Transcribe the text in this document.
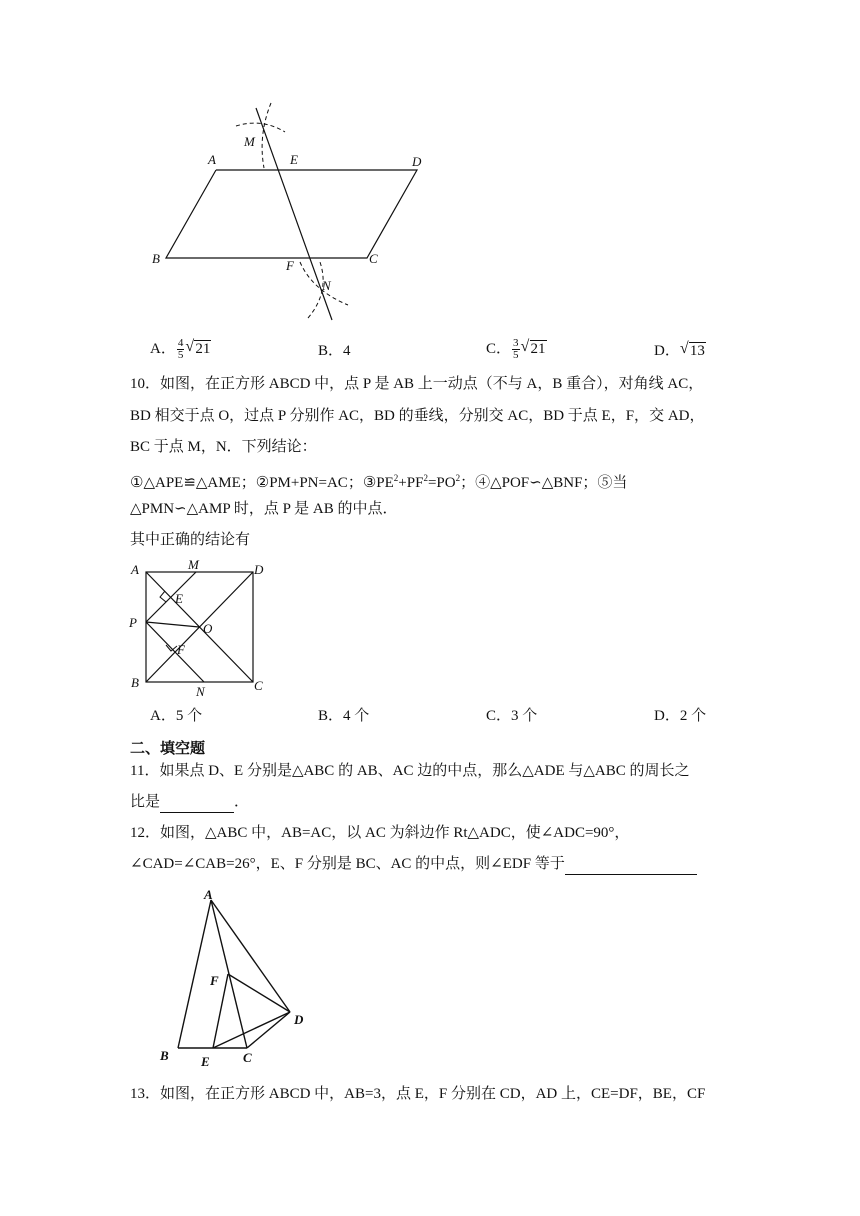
M
A	E	D
B	F	C
N
A． $\frac{4}{5}$ √ 21	B．4	C． $\frac{3}{5}$ √ 21	D． √ 13
10．如图，在正方形 ABCD 中，点 P 是 AB 上一动点（不与 A，B 重合），对角线 AC，
BD 相交于点 O，过点 P 分别作 AC，BD 的垂线，分别交 AC，BD 于点 E，F，交 AD，
BC 于点 M，N．下列结论：
①△APE≌△AME；②PM+PN=AC；$③PE^2+PF^2=PO^2$；④△POF∽△BNF；⑤当
△PMN∽△AMP 时，点 P 是 AB 的中点．
其中正确的结论有
A	M	D
E
P	O
F
B
N	C
A．5 个	B．4 个	C．3 个	D．2 个
二、填空题
11．如果点 D、E 分别是△ABC 的 AB、AC 边的中点，那么△ADE 与△ABC 的周长之
比是	．
12．如图，△ABC 中，AB=AC，以 AC 为斜边作 Rt△ADC，使∠ADC=90°，
∠CAD=∠CAB=26°，E、F 分别是 BC、AC 的中点，则∠EDF 等于
A
F
D
B E	C
13．如图，在正方形 ABCD 中，AB=3，点 E，F 分别在 CD，AD 上，CE=DF，BE，CF
